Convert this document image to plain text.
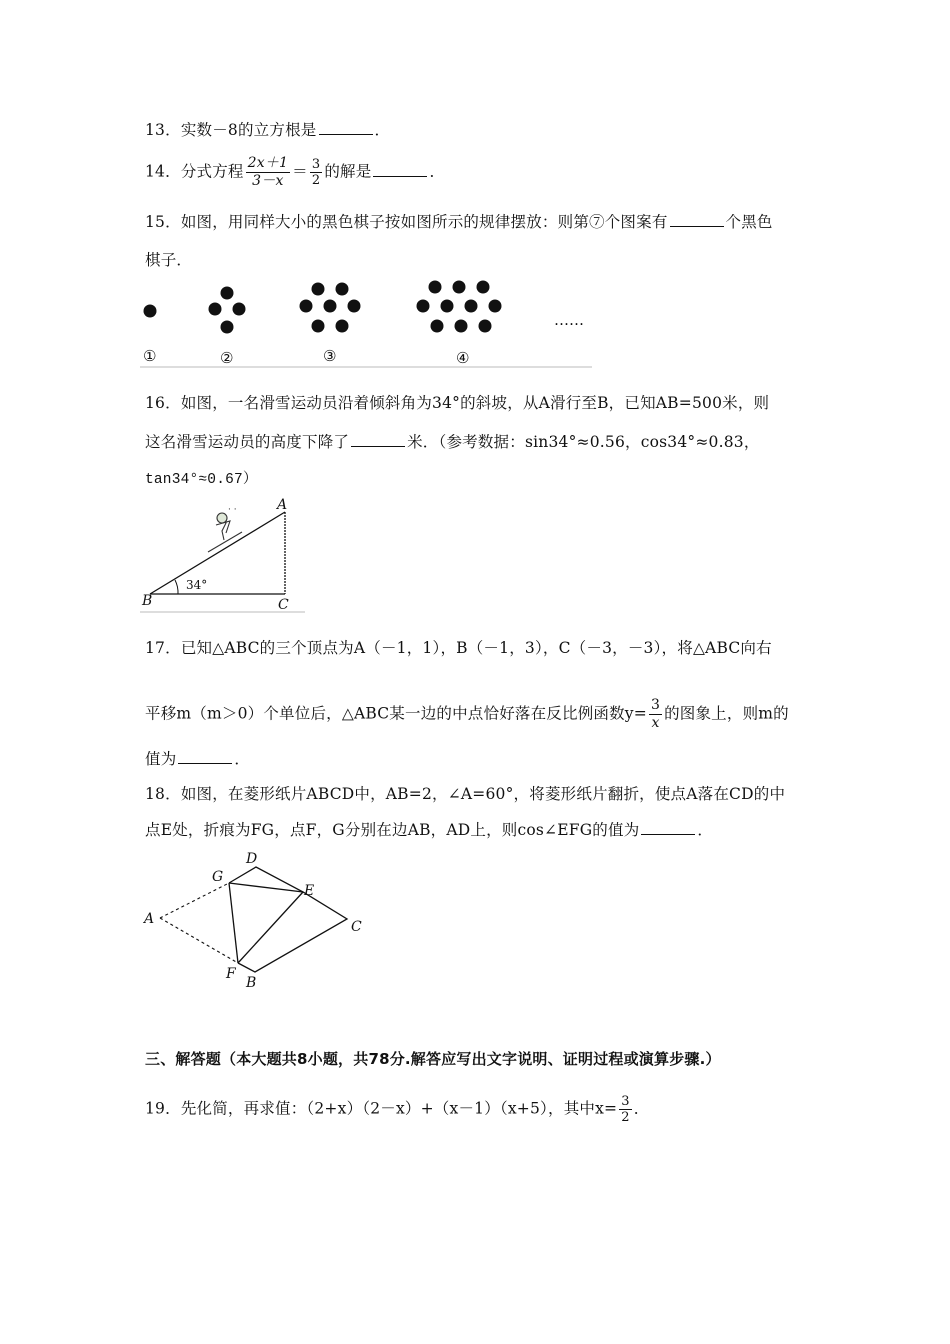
13．实数－8的立方根是	．
14．分式方程 $\frac{2x+1}{3-x} = \frac{3}{2}$ 的解是	．
15．如图，用同样大小的黑色棋子按如图所示的规律摆放：则第⑦个图案有	个黑色
棋子．
①	②	③	④
……
16．如图，一名滑雪运动员沿着倾斜角为34°的斜坡，从A滑行至B，已知AB=500米，则
这名滑雪运动员的高度下降了	米．（参考数据：sin34°≈0.56，cos34°≈0.83，
tan34°≈0.67）
· ·	A
B	C
34°
17．已知△ABC的三个顶点为A（－1，1），B（－1，3），C（－3，－3），将△ABC向右
平移m（m＞0）个单位后，△ABC某一边的中点恰好落在反比例函数$y= \frac{3}{x}$ 的图象上，则m的
值为	．
18．如图，在菱形纸片ABCD中，AB=2，∠A=60°，将菱形纸片翻折，使点A落在CD的中
点E处，折痕为FG，点F，G分别在边AB，AD上，则cos∠EFG的值为	．
A
D
G
E
C
F
B
三、解答题（本大题共8小题，共78分.解答应写出文字说明、证明过程或演算步骤.）
19．先化简，再求值：（2+x）（2－x）+（x－1）（x+5），其中$x= \frac{3}{2}$ ．
